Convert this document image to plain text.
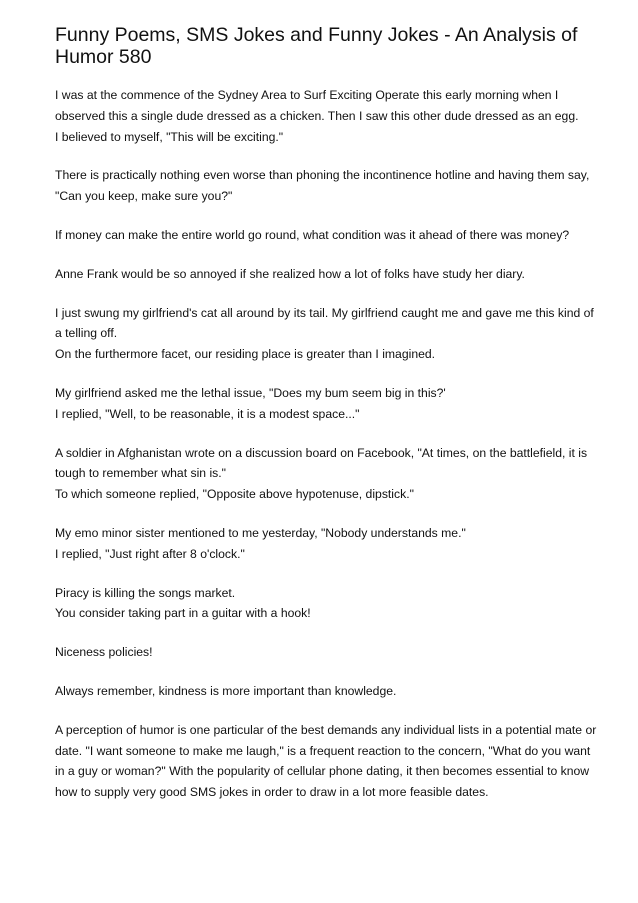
Funny Poems, SMS Jokes and Funny Jokes - An Analysis of Humor 580

I was at the commence of the Sydney Area to Surf Exciting Operate this early morning when I observed this a single dude dressed as a chicken. Then I saw this other dude dressed as an egg.
I believed to myself, "This will be exciting."

There is practically nothing even worse than phoning the incontinence hotline and having them say, "Can you keep, make sure you?"

If money can make the entire world go round, what condition was it ahead of there was money?

Anne Frank would be so annoyed if she realized how a lot of folks have study her diary.

I just swung my girlfriend's cat all around by its tail. My girlfriend caught me and gave me this kind of a telling off.
On the furthermore facet, our residing place is greater than I imagined.

My girlfriend asked me the lethal issue, "Does my bum seem big in this?'
I replied, "Well, to be reasonable, it is a modest space..."

A soldier in Afghanistan wrote on a discussion board on Facebook, "At times, on the battlefield, it is tough to remember what sin is."
To which someone replied, "Opposite above hypotenuse, dipstick."

My emo minor sister mentioned to me yesterday, "Nobody understands me."
I replied, "Just right after 8 o'clock."

Piracy is killing the songs market.
You consider taking part in a guitar with a hook!

Niceness policies!

Always remember, kindness is more important than knowledge.

A perception of humor is one particular of the best demands any individual lists in a potential mate or date. "I want someone to make me laugh," is a frequent reaction to the concern, "What do you want in a guy or woman?" With the popularity of cellular phone dating, it then becomes essential to know how to supply very good SMS jokes in order to draw in a lot more feasible dates.
